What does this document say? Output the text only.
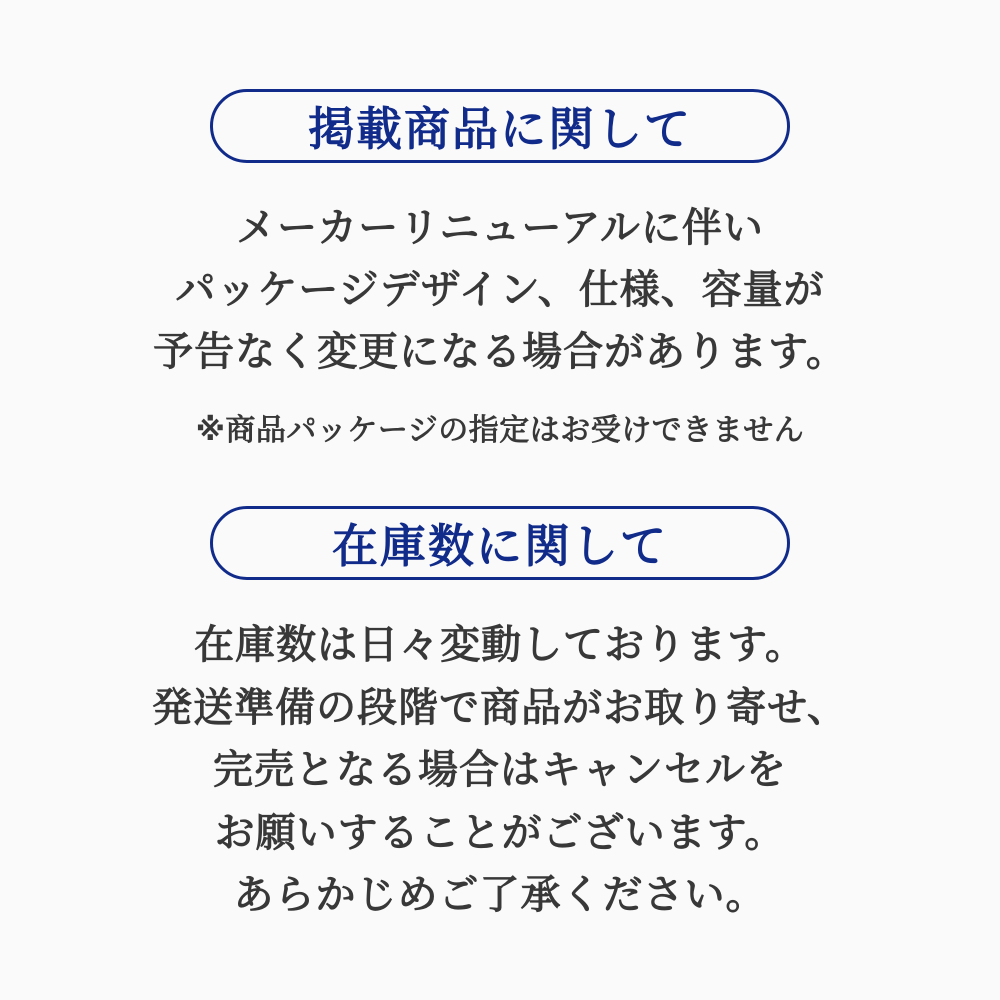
掲載商品に関して
メーカーリニューアルに伴い
パッケージデザイン、仕様、容量が
予告なく変更になる場合があります。
※商品パッケージの指定はお受けできません
在庫数に関して
在庫数は日々変動しております。
発送準備の段階で商品がお取り寄せ、
完売となる場合はキャンセルを
お願いすることがございます。
あらかじめご了承ください。
